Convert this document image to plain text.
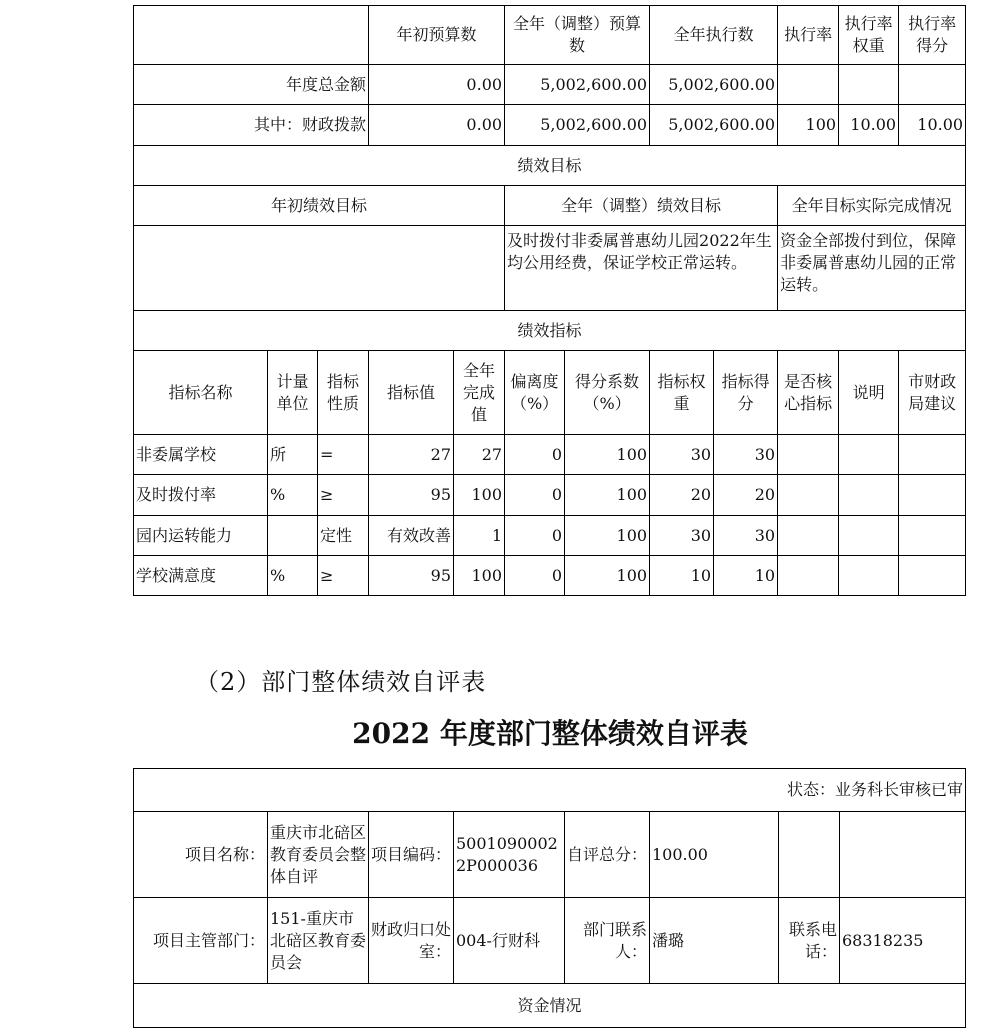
			年初预算数		全年（调整）预算数		全年执行数		执行率	执行率权重	执行率得分
年度总金额			0.00		5,002,600.00		5,002,600.00				
其中：财政拨款			0.00		5,002,600.00		5,002,600.00		100	10.00	10.00
绩效目标											
年初绩效目标					全年（调整）绩效目标				全年目标实际完成情况		
					及时拨付非委属普惠幼儿园2022年生均公用经费，保证学校正常运转。				资金全部拨付到位，保障非委属普惠幼儿园的正常运转。		
绩效指标											
指标名称	计量单位	指标性质	指标值	全年完成值	偏离度（%）	得分系数（%）	指标权重	指标得分	是否核心指标	说明	市财政局建议
非委属学校	所	=	27	27	0	100	30	30			
及时拨付率	%	≥	95	100	0	100	20	20			
园内运转能力		定性	有效改善	1	0	100	30	30			
学校满意度	%	≥	95	100	0	100	10	10			
（2）部门整体绩效自评表
2022 年度部门整体绩效自评表
状态：业务科长审核已审							
项目名称：	重庆市北碚区教育委员会整体自评	项目编码：	50010900022P000036	自评总分：	100.00		
项目主管部门：	151-重庆市北碚区教育委员会	财政归口处室：	004-行财科	部门联系人：	潘璐	联系电话：	68318235
资金情况							
